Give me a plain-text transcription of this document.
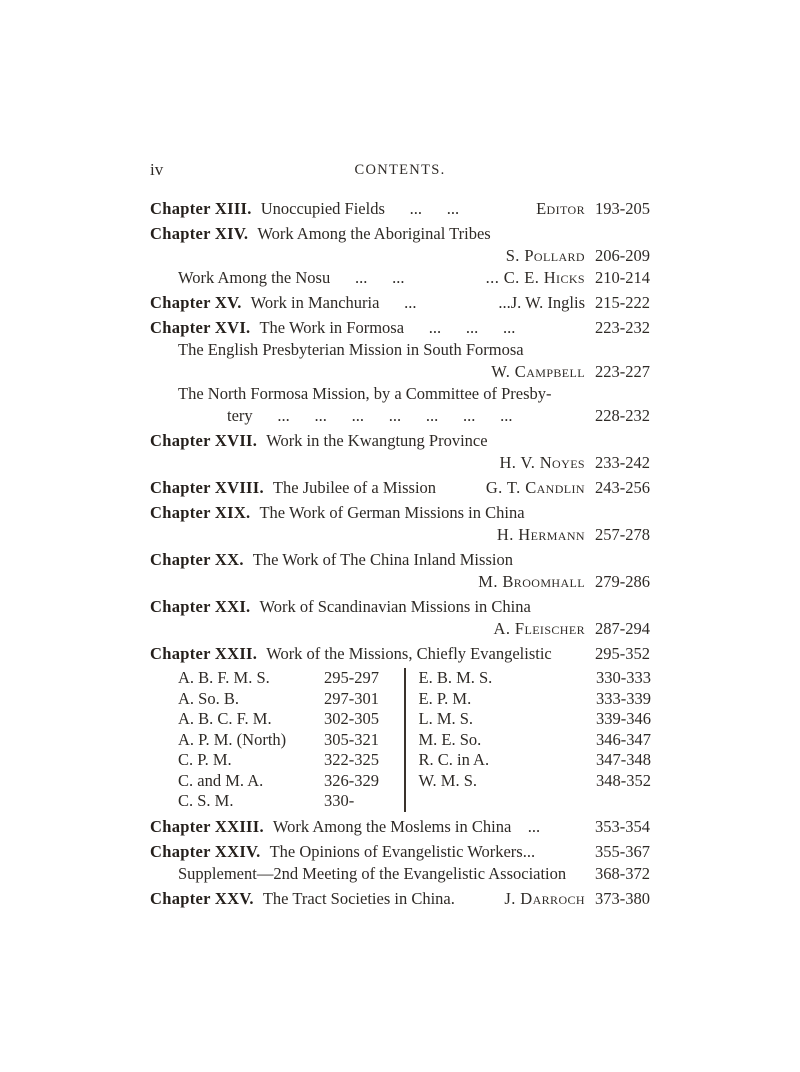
iv	CONTENTS.
Chapter XIII. Unoccupied Fields      ...      ...	Editor 193-205
Chapter XIV. Work Among the Aboriginal Tribes
S. Pollard 206-209
Work Among the Nosu      ...      ...	... C. E. Hicks 210-214
Chapter XV. Work in Manchuria      ...	...J. W. Inglis 215-222
Chapter XVI. The Work in Formosa      ...      ...      ...	223-232
The English Presbyterian Mission in South Formosa
W. Campbell 223-227
The North Formosa Mission, by a Committee of Presby-
tery      ...      ...      ...      ...      ...      ...      ...	228-232
Chapter XVII. Work in the Kwangtung Province
H. V. Noyes 233-242
Chapter XVIII. The Jubilee of a Mission	G. T. Candlin 243-256
Chapter XIX. The Work of German Missions in China
H. Hermann 257-278
Chapter XX. The Work of The China Inland Mission
M. Broomhall 279-286
Chapter XXI. Work of Scandinavian Missions in China
A. Fleischer 287-294
Chapter XXII. Work of the Missions, Chiefly Evangelistic	295-352
A. B. F. M. S.	295-297
A. So. B.	297-301
A. B. C. F. M.	302-305
A. P. M. (North) 305-321
C. P. M.	322-325
C. and M. A.	326-329
C. S. M.	330-
E. B. M. S.	330-333
E. P. M.	333-339
L. M. S.	339-346
M. E. So.	346-347
R. C. in A.	347-348
W. M. S.	348-352
Chapter XXIII. Work Among the Moslems in China    ...	353-354
Chapter XXIV. The Opinions of Evangelistic Workers...	355-367
Supplement—2nd Meeting of the Evangelistic Association 368-372
Chapter XXV. The Tract Societies in China.	J. Darroch 373-380
